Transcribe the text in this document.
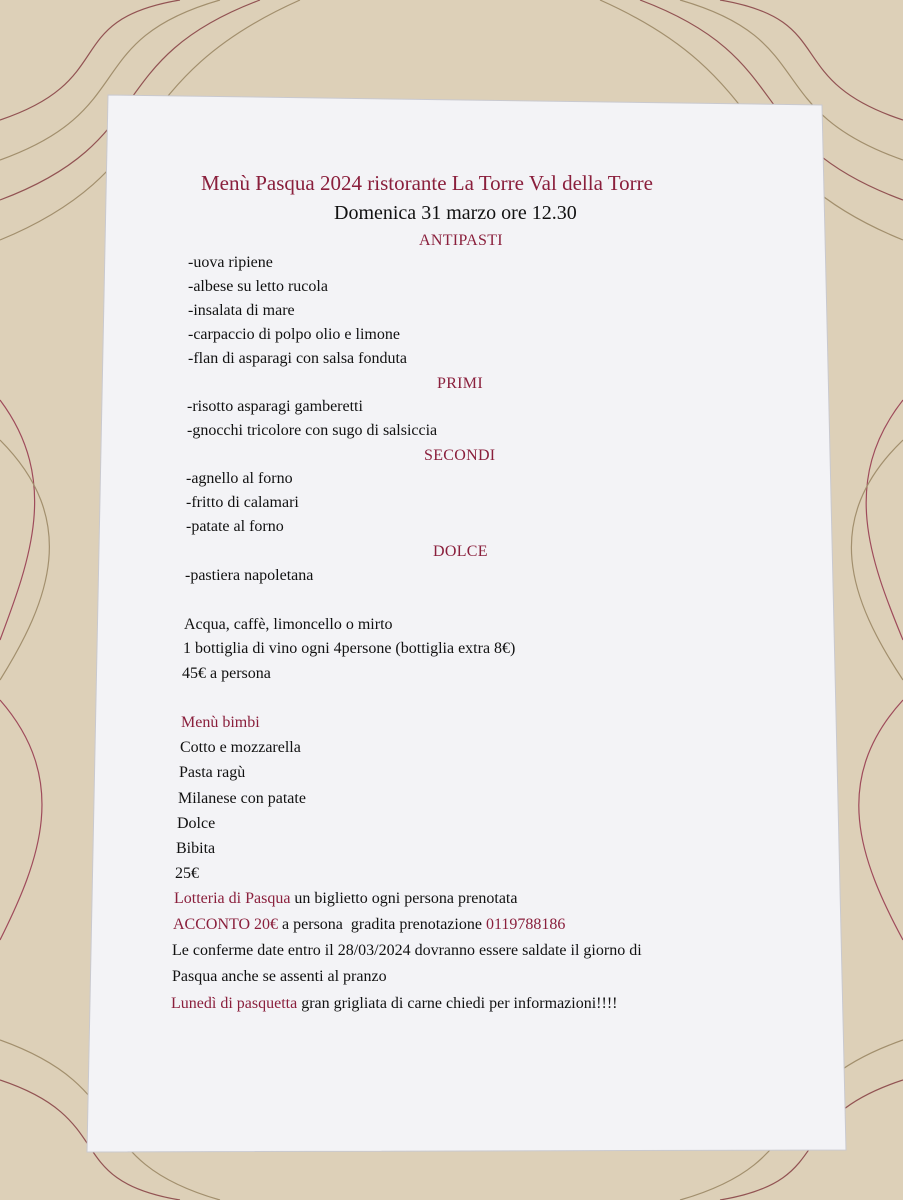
Menù Pasqua 2024 ristorante La Torre Val della Torre
Domenica 31 marzo ore 12.30
ANTIPASTI
-uova ripiene
-albese su letto rucola
-insalata di mare
-carpaccio di polpo olio e limone
-flan di asparagi con salsa fonduta
PRIMI
-risotto asparagi gamberetti
-gnocchi tricolore con sugo di salsiccia
SECONDI
-agnello al forno
-fritto di calamari
-patate al forno
DOLCE
-pastiera napoletana
Acqua, caffè, limoncello o mirto
1 bottiglia di vino ogni 4persone (bottiglia extra 8€)
45€ a persona
Menù bimbi
Cotto e mozzarella
Pasta ragù
Milanese con patate
Dolce
Bibita
25€
Lotteria di Pasqua un biglietto ogni persona prenotata
ACCONTO 20€ a persona  gradita prenotazione 0119788186
Le conferme date entro il 28/03/2024 dovranno essere saldate il giorno di
Pasqua anche se assenti al pranzo
Lunedì di pasquetta gran grigliata di carne chiedi per informazioni!!!!
